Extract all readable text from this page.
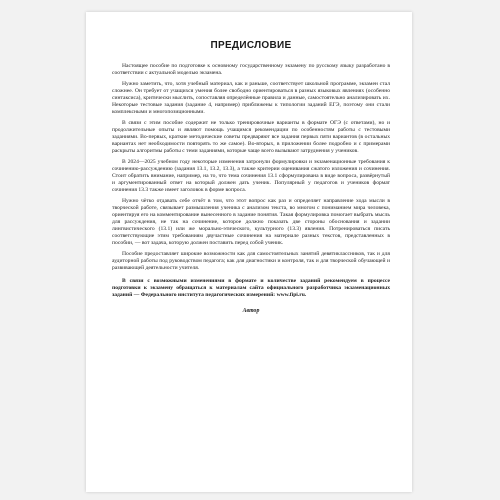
ПРЕДИСЛОВИЕ

Настоящее пособие по подготовке к основному государственному экзамену по русскому языку разработано в соответствии с актуальной моделью экзамена.

Нужно заметить, что, хотя учебный материал, как и раньше, соответствует школьной программе, экзамен стал сложнее. Он требует от учащихся умения более свободно ориентироваться в разных языковых явлениях (особенно синтаксиса), критически мыслить, сопоставляя определённые правила и данные, самостоятельно анализировать их. Некоторые тестовые задания (задание 4, например) приближены к типологии заданий ЕГЭ, поэтому они стали комплексными и многопозиционными.

В связи с этим пособие содержит не только тренировочные варианты в формате ОГЭ (с ответами), но и продолжительные опыты и являют помощь учащимся рекомендации по особенностям работы с тестовыми заданиями. Во-первых, краткие методические советы предваряют все задания первых пяти вариантов (в остальных вариантах нет необходимости повторять то же самое). Во-вторых, в приложении более подробно и с примерами раскрыты алгоритмы работы с теми заданиями, которые чаще всего вызывают затруднения у учеников.

В 2024—2025 учебном году некоторые изменения затронули формулировки и экзаменационные требования к сочинению-рассуждению (задания 13.1, 13.2, 13.3), а также критерии оценивания сжатого изложения и сочинения. Стоит обратить внимание, например, на то, что тема сочинения 13.1 сформулирована в виде вопроса, развёрнутый и аргументированный ответ на который должен дать ученик. Популярный у педагогов и учеников формат сочинения 13.3 также имеет заголовок в форме вопроса.

Нужно чётко отдавать себе отчёт в том, что этот вопрос как раз и определяет направление хода мысли в творческой работе, связывает размышления ученика с анализом текста, во многом с пониманием мира человека, ориентируя его на комментирование вынесенного в задание понятия. Такая формулировка помогает выбрать мысль для рассуждения, не так на сочинение, которое должно показать две стороны обоснования и задании лингвистического (13.1) или же морально-этического, культурного (13.3) явления. Потренироваться писать соответствующие этим требованиям двучастные сочинения на материале разных текстов, представленных в пособии, — вот задача, которую должен поставить перед собой ученик.

Пособие предоставляет широкие возможности как для самостоятельных занятий девятиклассников, так и для аудиторной работы под руководством педагога; как для диагностики и контроля, так и для творческой обучающей и развивающей деятельности учителя.

В связи с возможными изменениями в формате и количестве заданий рекомендуем в процессе подготовки к экзамену обращаться к материалам сайта официального разработчика экзаменационных заданий — Федерального института педагогических измерений: www.fipi.ru.

Автор
